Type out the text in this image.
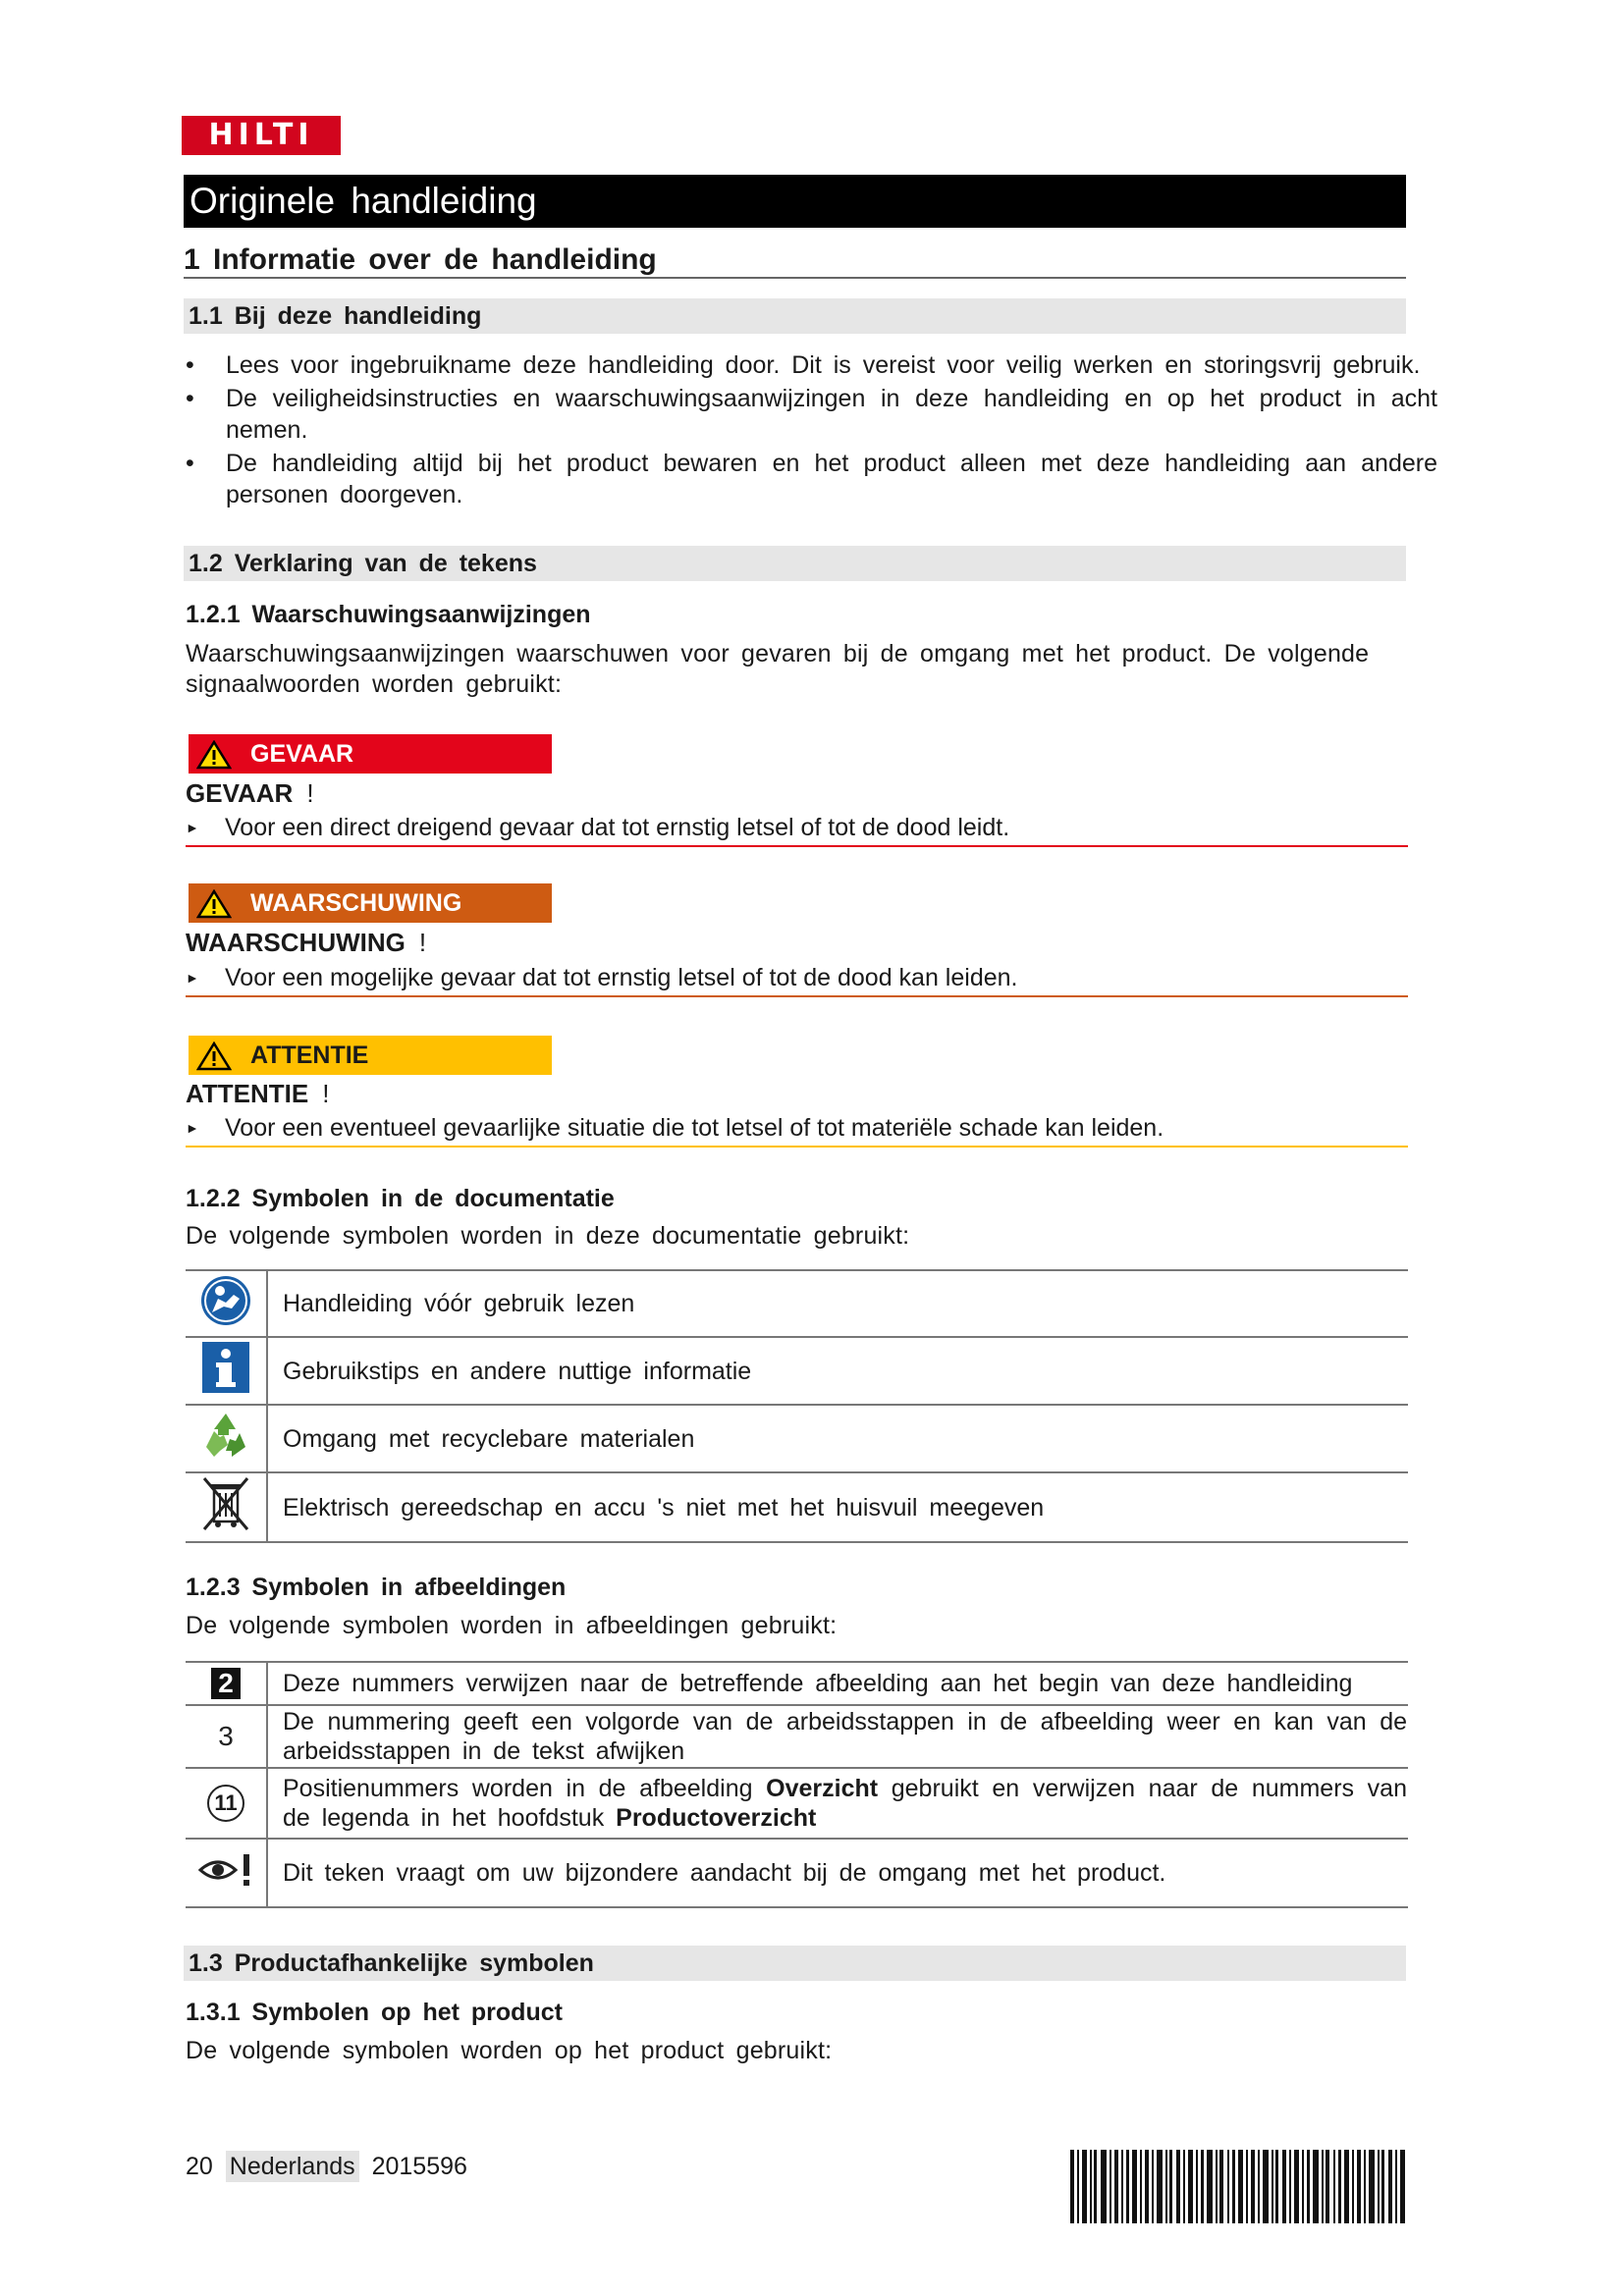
HILTI
Originele handleiding
1 Informatie over de handleiding
1.1 Bij deze handleiding
• Lees voor ingebruikname deze handleiding door. Dit is vereist voor veilig werken en storingsvrij gebruik.
• De veiligheidsinstructies en waarschuwingsaanwijzingen in deze handleiding en op het product in acht nemen.
• De handleiding altijd bij het product bewaren en het product alleen met deze handleiding aan andere personen doorgeven.
1.2 Verklaring van de tekens
1.2.1 Waarschuwingsaanwijzingen
Waarschuwingsaanwijzingen waarschuwen voor gevaren bij de omgang met het product. De volgende signaalwoorden worden gebruikt:
GEVAAR
GEVAAR !
► Voor een direct dreigend gevaar dat tot ernstig letsel of tot de dood leidt.
WAARSCHUWING
WAARSCHUWING !
► Voor een mogelijke gevaar dat tot ernstig letsel of tot de dood kan leiden.
ATTENTIE
ATTENTIE !
► Voor een eventueel gevaarlijke situatie die tot letsel of tot materiële schade kan leiden.
1.2.2 Symbolen in de documentatie
De volgende symbolen worden in deze documentatie gebruikt:
	Handleiding vóór gebruik lezen
	Gebruikstips en andere nuttige informatie
	Omgang met recyclebare materialen
	Elektrisch gereedschap en accu 's niet met het huisvuil meegeven
1.2.3 Symbolen in afbeeldingen
De volgende symbolen worden in afbeeldingen gebruikt:
2	Deze nummers verwijzen naar de betreffende afbeelding aan het begin van deze handleiding
3	De nummering geeft een volgorde van de arbeidsstappen in de afbeelding weer en kan van de arbeidsstappen in de tekst afwijken
11	Positienummers worden in de afbeelding Overzicht gebruikt en verwijzen naar de nummers van de legenda in het hoofdstuk Productoverzicht
	Dit teken vraagt om uw bijzondere aandacht bij de omgang met het product.
1.3 Productafhankelijke symbolen
1.3.1 Symbolen op het product
De volgende symbolen worden op het product gebruikt:
20 Nederlands 2015596
